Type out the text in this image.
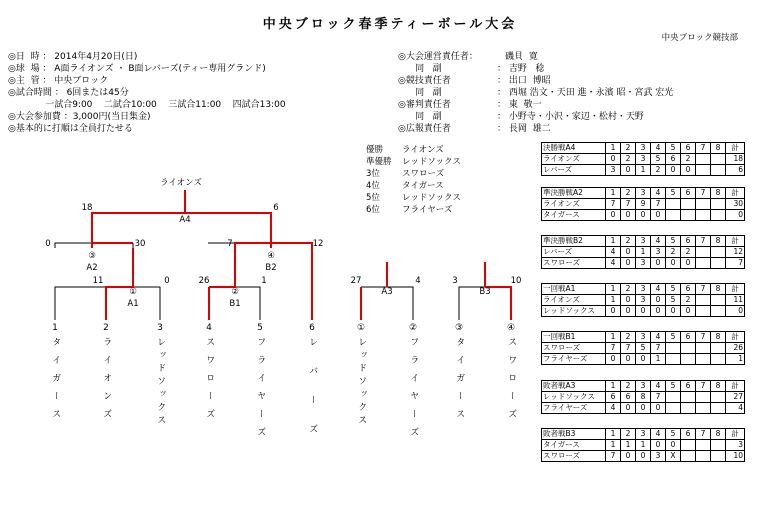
中央ブロック春季ティーボール大会
中央ブロック競技部
◎日  時 ： 2014年4月20日(日)
◎球  場 ： A面ライオンズ ・ B面レバーズ(ティー専用グランド)
◎主  管 ： 中央ブロック
◎試合時間 ： 6回または45分
一試合9:00    二試合10:00    三試合11:00    四試合13:00
◎大会参加費 ：3,000円(当日集金)
◎基本的に打順は全員打たせる
◎大会運営責任者：	磯貝  寛
同   副	： 吉野   稔
◎競技責任者	： 出口  博昭
同   副	： 西堀 浩文・天田 進・永濱 昭・宮武 宏光
◎審判責任者	： 東  敬一
同   副	： 小野寺・小沢・家辺・松村・天野
◎広報責任者	： 長岡  雄二
優勝 ライオンズ
準優勝 レッドソックス
3位	スワローズ
4位	タイガース
5位	レッドソックス
6位	フライヤーズ
ライオンズ
A4
18	6
③
A2
0	30
④
B2
7	12
①
A1
11	0
②
B1
26	1
A3
27	4
B3
3	10
1
タイガース
2
ライオンズ
3
レッドソックス
4
スワローズ
5
フライヤーズ
6
レバーズ
①
レッドソックス
②
フライヤーズ
③
タイガース
④
スワローズ
決勝戦A4	1	2	3	4	5	6	7	8	計
ライオンズ	0	2	3	5	6	2			18
レバーズ	3	0	1	2	0	0			6
準決勝戦A2	1	2	3	4	5	6	7	8	計
ライオンズ	7	7	9	7					30
タイガース	0	0	0	0					0
準決勝戦B2	1	2	3	4	5	6	7	8	計
レバーズ	4	0	1	3	2	2			12
スワローズ	4	0	3	0	0	0			7
一回戦A1	1	2	3	4	5	6	7	8	計
ライオンズ	1	0	3	0	5	2			11
レッドソックス	0	0	0	0	0	0			0
一回戦B1	1	2	3	4	5	6	7	8	計
スワローズ	7	7	5	7					26
フライヤーズ	0	0	0	1					1
敗者戦A3	1	2	3	4	5	6	7	8	計
レッドソックス	6	6	8	7					27
フライヤーズ	4	0	0	0					4
敗者戦B3	1	2	3	4	5	6	7	8	計
タイガース	1	1	1	0	0				3
スワローズ	7	0	0	3	X				10
